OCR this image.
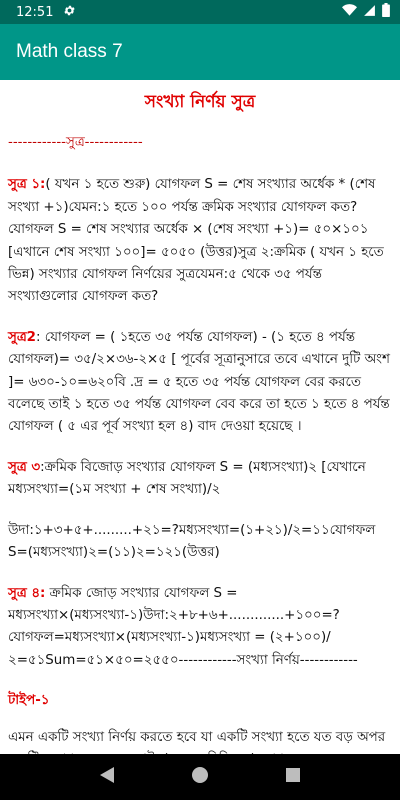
12:51
Math class 7
সংখ্যা নির্ণয় সুত্র
------------সুত্র------------

সুত্র ১:( যখন ১ হতে শুরু) যোগফল S = শেষ সংখ্যার অর্ধেক * (শেষ সংখ্যা +১)যেমন:১ হতে ১০০ পর্যন্ত ক্রমিক সংখ্যার যোগফল কত?যোগফল S = শেষ সংখ্যার অর্ধেক × (শেষ সংখ্যা +১)= ৫০×১০১ [এখানে শেষ সংখ্যা ১০০]= ৫০৫০ (উত্তর)সুত্র ২:ক্রমিক ( যখন ১ হতে ভিন্ন) সংখ্যার যোগফল নির্ণয়ের সুত্রযেমন:৫ থেকে ৩৫ পর্যন্ত সংখ্যাগুলোর যোগফল কত?

সুত্র2: যোগফল = ( ১হতে ৩৫ পর্যন্ত যোগফল) - (১ হতে ৪ পর্যন্ত যোগফল)= ৩৫/২×৩৬-২×৫ [ পূর্বের সূত্রানুসারে তবে এখানে দুটি অংশ ]= ৬৩০-১০=৬২০বি .দ্র = ৫ হতে ৩৫ পর্যন্ত যোগফল বের করতে বলেছে তাই ১ হতে ৩৫ পর্যন্ত যোগফল বেব করে তা হতে ১ হতে ৪ পর্যন্ত যোগফল ( ৫ এর পূর্ব সংখ্যা হল ৪) বাদ দেওয়া হয়েছে ।

সুত্র ৩:ক্রমিক বিজোড় সংখ্যার যোগফল S = (মধ্যসংখ্যা)২ [যেখানে মধ্যসংখ্যা=(১ম সংখ্যা + শেষ সংখ্যা)/২

উদা:১+৩+৫+.........+২১=?মধ্যসংখ্যা=(১+২১)/২=১১যোগফল S=(মধ্যসংখ্যা)২=(১১)২=১২১(উত্তর)

সুত্র ৪: ক্রমিক জোড় সংখ্যার যোগফল S = মধ্যসংখ্যা×(মধ্যসংখ্যা-১)উদা:২+৮+৬+.............+১০০=? যোগফল=মধ্যসংখ্যা×(মধ্যসংখ্যা-১)মধ্যসংখ্যা = (২+১০০)/২=৫১Sum=৫১×৫০=২৫৫০------------সংখ্যা নির্ণয়------------

টাইপ-১

এমন একটি সংখ্যা নির্ণয় করতে হবে যা একটি সংখ্যা হতে যত বড় অপর
